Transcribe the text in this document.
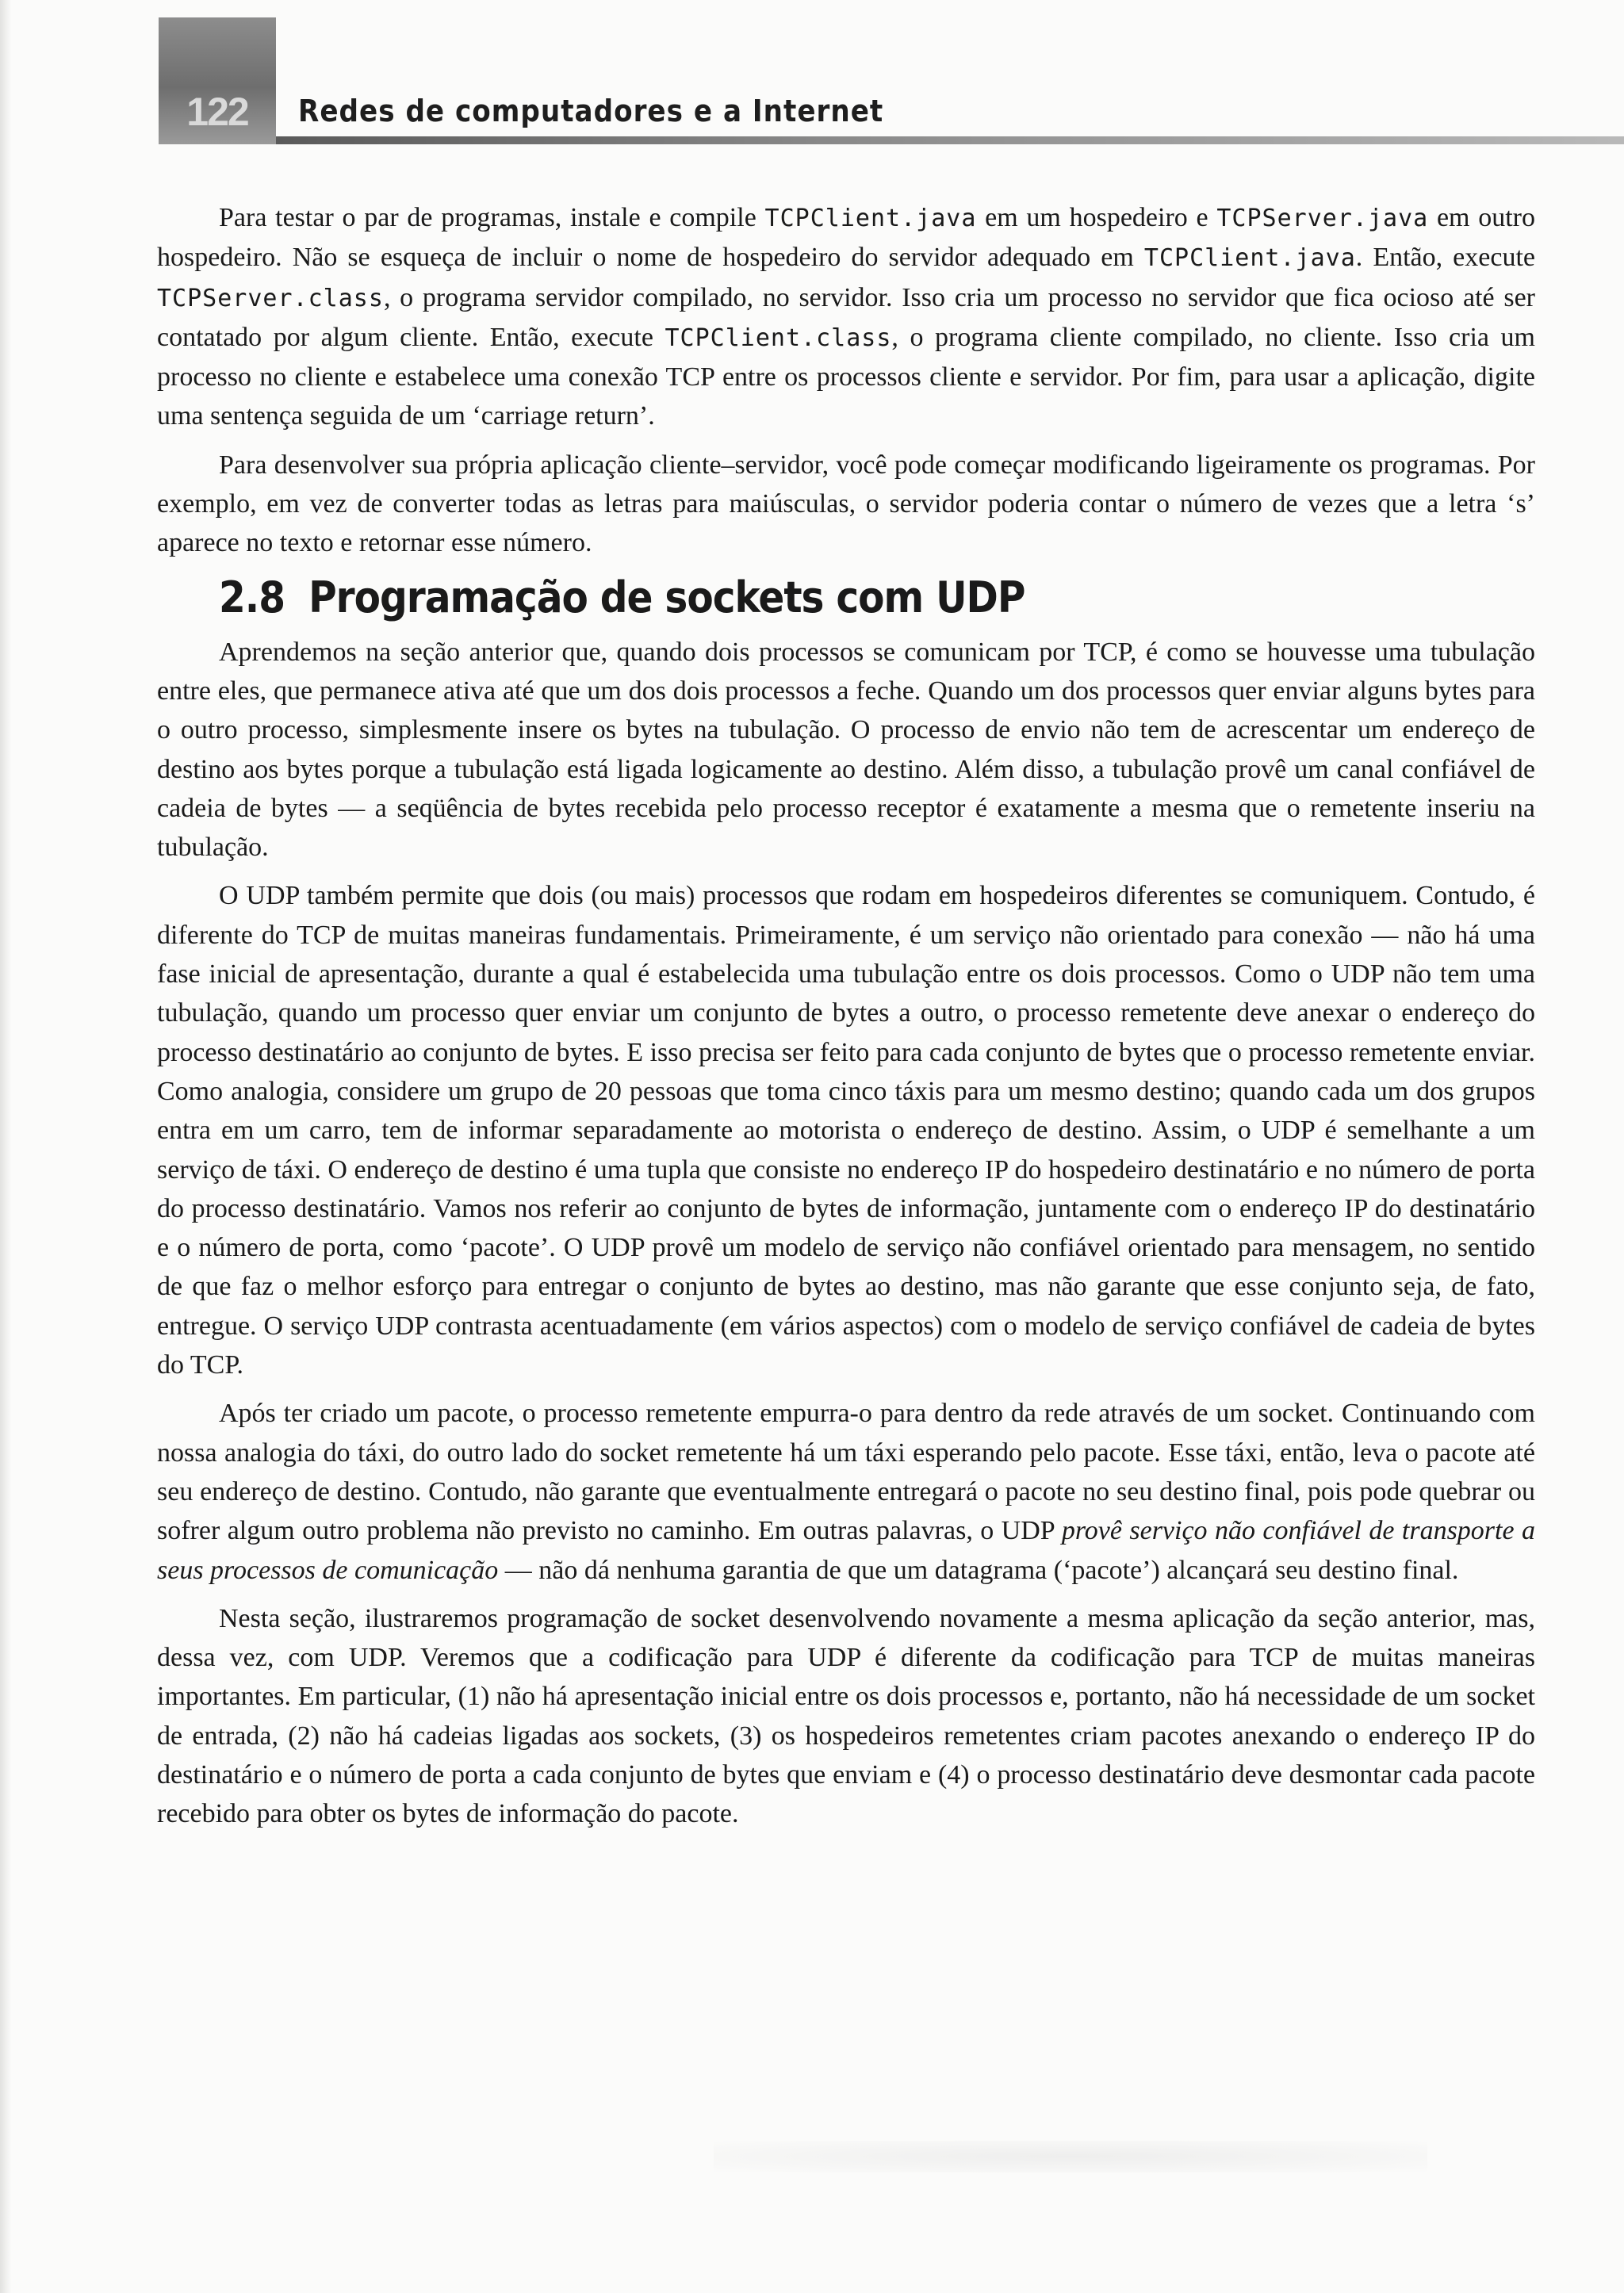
122	Redes de computadores e a Internet

Para testar o par de programas, instale e compile TCPClient.java em um hospedeiro e TCPServer.java em outro hospedeiro. Não se esqueça de incluir o nome de hospedeiro do servidor adequado em TCPClient.java. Então, execute TCPServer.class, o programa servidor compilado, no servidor. Isso cria um processo no servidor que fica ocioso até ser contatado por algum cliente. Então, execute TCPClient.class, o programa cliente compilado, no cliente. Isso cria um processo no cliente e estabelece uma conexão TCP entre os processos cliente e servidor. Por fim, para usar a aplicação, digite uma sentença seguida de um ‘carriage return’.

Para desenvolver sua própria aplicação cliente–servidor, você pode começar modificando ligeiramente os programas. Por exemplo, em vez de converter todas as letras para maiúsculas, o servidor poderia contar o número de vezes que a letra ‘s’ aparece no texto e retornar esse número.

2.8 Programação de sockets com UDP

Aprendemos na seção anterior que, quando dois processos se comunicam por TCP, é como se houvesse uma tubulação entre eles, que permanece ativa até que um dos dois processos a feche. Quando um dos processos quer enviar alguns bytes para o outro processo, simplesmente insere os bytes na tubulação. O processo de envio não tem de acrescentar um endereço de destino aos bytes porque a tubulação está ligada logicamente ao destino. Além disso, a tubulação provê um canal confiável de cadeia de bytes — a seqüência de bytes recebida pelo processo receptor é exatamente a mesma que o remetente inseriu na tubulação.

O UDP também permite que dois (ou mais) processos que rodam em hospedeiros diferentes se comuniquem. Contudo, é diferente do TCP de muitas maneiras fundamentais. Primeiramente, é um serviço não orientado para conexão — não há uma fase inicial de apresentação, durante a qual é estabelecida uma tubulação entre os dois processos. Como o UDP não tem uma tubulação, quando um processo quer enviar um conjunto de bytes a outro, o processo remetente deve anexar o endereço do processo destinatário ao conjunto de bytes. E isso precisa ser feito para cada conjunto de bytes que o processo remetente enviar. Como analogia, considere um grupo de 20 pessoas que toma cinco táxis para um mesmo destino; quando cada um dos grupos entra em um carro, tem de informar separadamente ao motorista o endereço de destino. Assim, o UDP é semelhante a um serviço de táxi. O endereço de destino é uma tupla que consiste no endereço IP do hospedeiro destinatário e no número de porta do processo destinatário. Vamos nos referir ao conjunto de bytes de informação, juntamente com o endereço IP do destinatário e o número de porta, como ‘pacote’. O UDP provê um modelo de serviço não confiável orientado para mensagem, no sentido de que faz o melhor esforço para entregar o conjunto de bytes ao destino, mas não garante que esse conjunto seja, de fato, entregue. O serviço UDP contrasta acentuadamente (em vários aspectos) com o modelo de serviço confiável de cadeia de bytes do TCP.

Após ter criado um pacote, o processo remetente empurra-o para dentro da rede através de um socket. Continuando com nossa analogia do táxi, do outro lado do socket remetente há um táxi esperando pelo pacote. Esse táxi, então, leva o pacote até seu endereço de destino. Contudo, não garante que eventualmente entregará o pacote no seu destino final, pois pode quebrar ou sofrer algum outro problema não previsto no caminho. Em outras palavras, o UDP provê serviço não confiável de transporte a seus processos de comunicação — não dá nenhuma garantia de que um datagrama (‘pacote’) alcançará seu destino final.

Nesta seção, ilustraremos programação de socket desenvolvendo novamente a mesma aplicação da seção anterior, mas, dessa vez, com UDP. Veremos que a codificação para UDP é diferente da codificação para TCP de muitas maneiras importantes. Em particular, (1) não há apresentação inicial entre os dois processos e, portanto, não há necessidade de um socket de entrada, (2) não há cadeias ligadas aos sockets, (3) os hospedeiros remetentes criam pacotes anexando o endereço IP do destinatário e o número de porta a cada conjunto de bytes que enviam e (4) o processo destinatário deve desmontar cada pacote recebido para obter os bytes de informação do pacote.
